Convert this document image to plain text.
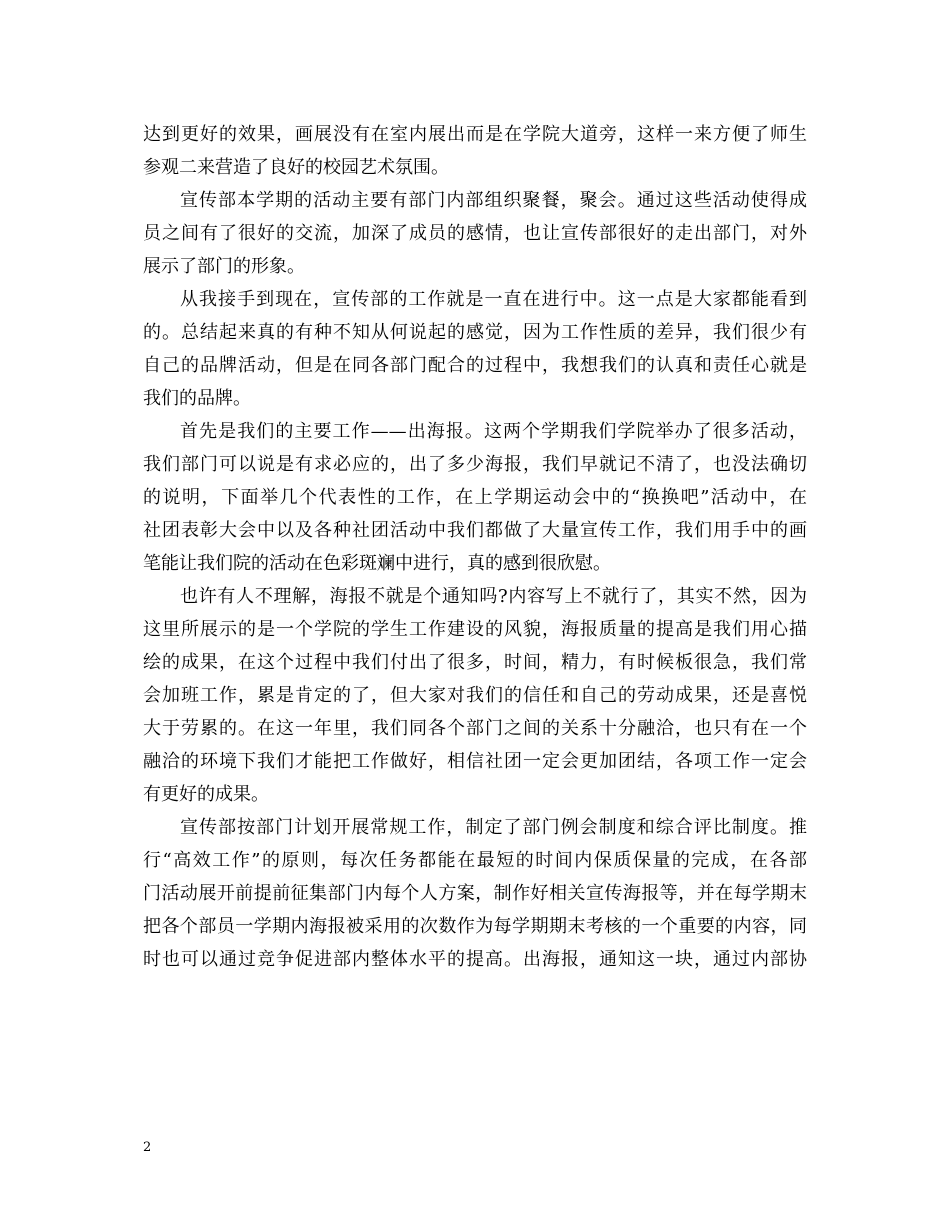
达到更好的效果，画展没有在室内展出而是在学院大道旁，这样一来方便了师生
参观二来营造了良好的校园艺术氛围。
宣传部本学期的活动主要有部门内部组织聚餐，聚会。通过这些活动使得成
员之间有了很好的交流，加深了成员的感情，也让宣传部很好的走出部门，对外
展示了部门的形象。
从我接手到现在，宣传部的工作就是一直在进行中。这一点是大家都能看到
的。总结起来真的有种不知从何说起的感觉，因为工作性质的差异，我们很少有
自己的品牌活动，但是在同各部门配合的过程中，我想我们的认真和责任心就是
我们的品牌。
首先是我们的主要工作——出海报。这两个学期我们学院举办了很多活动，
我们部门可以说是有求必应的，出了多少海报，我们早就记不清了，也没法确切
的说明，下面举几个代表性的工作，在上学期运动会中的“换换吧”活动中，在
社团表彰大会中以及各种社团活动中我们都做了大量宣传工作，我们用手中的画
笔能让我们院的活动在色彩斑斓中进行，真的感到很欣慰。
也许有人不理解，海报不就是个通知吗?内容写上不就行了，其实不然，因为
这里所展示的是一个学院的学生工作建设的风貌，海报质量的提高是我们用心描
绘的成果，在这个过程中我们付出了很多，时间，精力，有时候板很急，我们常
会加班工作，累是肯定的了，但大家对我们的信任和自己的劳动成果，还是喜悦
大于劳累的。在这一年里，我们同各个部门之间的关系十分融洽，也只有在一个
融洽的环境下我们才能把工作做好，相信社团一定会更加团结，各项工作一定会
有更好的成果。
宣传部按部门计划开展常规工作，制定了部门例会制度和综合评比制度。推
行“高效工作”的原则，每次任务都能在最短的时间内保质保量的完成，在各部
门活动展开前提前征集部门内每个人方案，制作好相关宣传海报等，并在每学期末
把各个部员一学期内海报被采用的次数作为每学期期末考核的一个重要的内容，同
时也可以通过竞争促进部内整体水平的提高。出海报，通知这一块，通过内部协
2
